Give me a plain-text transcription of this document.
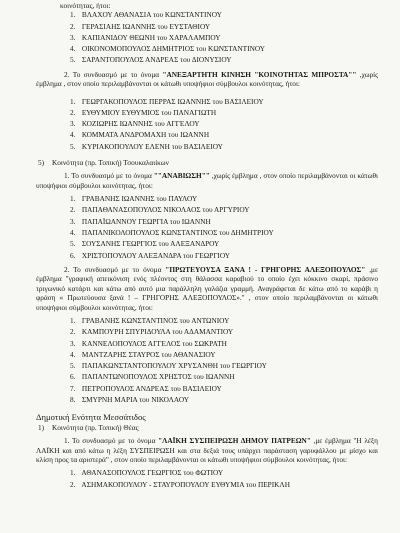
κοινότητας, ήτοι:
1. ΒΛΑΧΟΥ ΑΘΑΝΑΣΙΑ του ΚΩΝΣΤΑΝΤΙΝΟΥ
2. ΓΕΡΑΣΙΑΗΣ ΙΩΑΝΝΗΣ του ΕΥΣΤΑΘΙΟΥ
3. ΚΑΠΙΑΝΙΔΟΥ ΘΕΩΝΗ του ΧΑΡΑΛΑΜΠΟΥ
4. ΟΙΚΟΝΟΜΟΠΟΥΛΟΣ ΔΗΜΗΤΡΙΟΣ του ΚΩΝΣΤΑΝΤΙΝΟΥ
5. ΣΑΡΑΝΤΟΠΟΥΛΟΣ ΑΝΔΡΕΑΣ του ΔΙΟΝΥΣΙΟΥ

2. Το συνδυασμό με το όνομα "ΑΝΕΞΑΡΤΗΤΗ ΚΙΝΗΣΗ "ΚΟΙΝΟΤΗΤΑΣ ΜΠΡΟΣΤΑ"" ,χωρίς έμβλημα , στον οποίο περιλαμβάνονται οι κάτωθι υποψήφιοι σύμβουλοι κοινότητας, ήτοι:

1. ΓΕΩΡΓΑΚΟΠΟΥΛΟΣ ΠΕΡΡΑΣ ΙΩΑΝΝΗΣ του ΒΑΣΙΛΕΙΟΥ
2. ΕΥΘΥΜΙΟΥ ΕΥΘΥΜΙΟΣ του ΠΑΝΑΓΙΩΤΗ
3. ΚΟΖΙΩΡΗΣ ΙΩΑΝΝΗΣ του ΑΓΓΕΛΟΥ
4. ΚΟΜΜΑΤΑ ΑΝΔΡΟΜΑΧΗ του ΙΩΑΝΝΗ
5. ΚΥΡΙΑΚΟΠΟΥΛΟΥ ΕΛΕΝΗ του ΒΑΣΙΛΕΙΟΥ
5) Κοινότητα (πρ. Τοπική) Τσουκαλαιίκων

1. Το συνδυασμό με το όνομα ""ΑΝΑΒΙΩΣΗ"" ,χωρίς έμβλημα , στον οποίο περιλαμβάνονται οι κάτωθι υποψήφιοι σύμβουλοι κοινότητας, ήτοι:

1. ΓΡΑΒΑΝΗΣ ΙΩΑΝΝΗΣ του ΠΑΥΛΟΥ
2. ΠΑΠΑΘΑΝΑΣΟΠΟΥΛΟΣ ΝΙΚΟΛΑΟΣ του ΑΡΓΥΡΙΟΥ
3. ΠΑΠΑΪΩΑΝΝΟΥ ΓΕΩΡΓΙΑ του ΙΩΑΝΝΗ
4. ΠΑΠΑΝΙΚΟΛΟΠΟΥΛΟΣ ΚΩΝΣΤΑΝΤΙΝΟΣ του ΔΗΜΗΤΡΙΟΥ
5. ΣΟΥΣΑΝΗΣ ΓΕΩΡΓΙΟΣ του ΑΛΕΞΑΝΔΡΟΥ
6. ΧΡΙΣΤΟΠΟΥΛΟΥ ΑΛΕΞΑΝΔΡΑ του ΓΕΩΡΓΙΟΥ

2. Το συνδυασμό με το όνομα "ΠΡΩΤΕΥΟΥΣΑ ΞΑΝΑ ! - ΓΡΗΓΟΡΗΣ ΑΛΕΞΟΠΟΥΛΟΣ" ,με έμβλημα "γραφική απεικόνιση ενός πλέοντος στη θάλασσα καραβιού το οποίο έχει κόκκινο σκαρί, πράσινο τριγωνικό κατάρτι και κάτω από αυτό μια παράλληλη γαλάζια γραμμή. Αναγράφεται δε κάτω από το καράβι η φράση « Πρωτεύουσα ξανά ! – ΓΡΗΓΟΡΗΣ ΑΛΕΞΟΠΟΥΛΟΣ»." , στον οποίο περιλαμβάνονται οι κάτωθι υποψήφιοι σύμβουλοι κοινότητας, ήτοι:

1. ΓΡΑΒΑΝΗΣ ΚΩΝΣΤΑΝΤΙΝΟΣ του ΑΝΤΩΝΙΟΥ
2. ΚΑΜΠΟΥΡΗ ΣΠΥΡΙΔΟΥΛΑ του ΑΔΑΜΑΝΤΙΟΥ
3. ΚΑΝΝΕΛΟΠΟΥΛΟΣ ΑΓΓΕΛΟΣ του ΣΩΚΡΑΤΗ
4. ΜΑΝΤΖΑΡΗΣ ΣΤΑΥΡΟΣ του ΑΘΑΝΑΣΙΟΥ
5. ΠΑΠΑΚΩΝΣΤΑΝΤΟΠΟΥΛΟΥ ΧΡΥΣΑΝΘΗ του ΓΕΩΡΓΙΟΥ
6. ΠΑΠΑΝΤΩΝΟΠΟΥΛΟΣ ΧΡΗΣΤΟΣ του ΙΩΑΝΝΗ
7. ΠΕΤΡΟΠΟΥΛΟΣ ΑΝΔΡΕΑΣ του ΒΑΣΙΛΕΙΟΥ
8. ΣΜΥΡΝΗ ΜΑΡΙΑ του ΝΙΚΟΛΑΟΥ
Δημοτική Ενότητα Μεσσάτιδος
1) Κοινότητα (πρ. Τοπική) Θέας

1. Το συνδυασμό με το όνομα "ΛΑΪΚΗ ΣΥΣΠΕΙΡΩΣΗ ΔΗΜΟΥ ΠΑΤΡΕΩΝ" ,με έμβλημα "Η λέξη ΛΑΪΚΗ και από κάτω η λέξη ΣΥΣΠΕΙΡΩΣΗ και στα δεξιά τους υπάρχει παράσταση γαρυφάλλου με μίσχο και κλίση προς τα αριστερά" , στον οποίο περιλαμβάνονται οι κάτωθι υποψήφιοι σύμβουλοι κοινότητας, ήτοι:

1. ΑΘΑΝΑΣΟΠΟΥΛΟΣ ΓΕΩΡΓΙΟΣ του ΦΩΤΙΟΥ
2. ΑΣΗΜΑΚΟΠΟΥΛΟΥ - ΣΤΑΥΡΟΠΟΥΛΟΥ ΕΥΘΥΜΙΑ του ΠΕΡΙΚΛΗ
